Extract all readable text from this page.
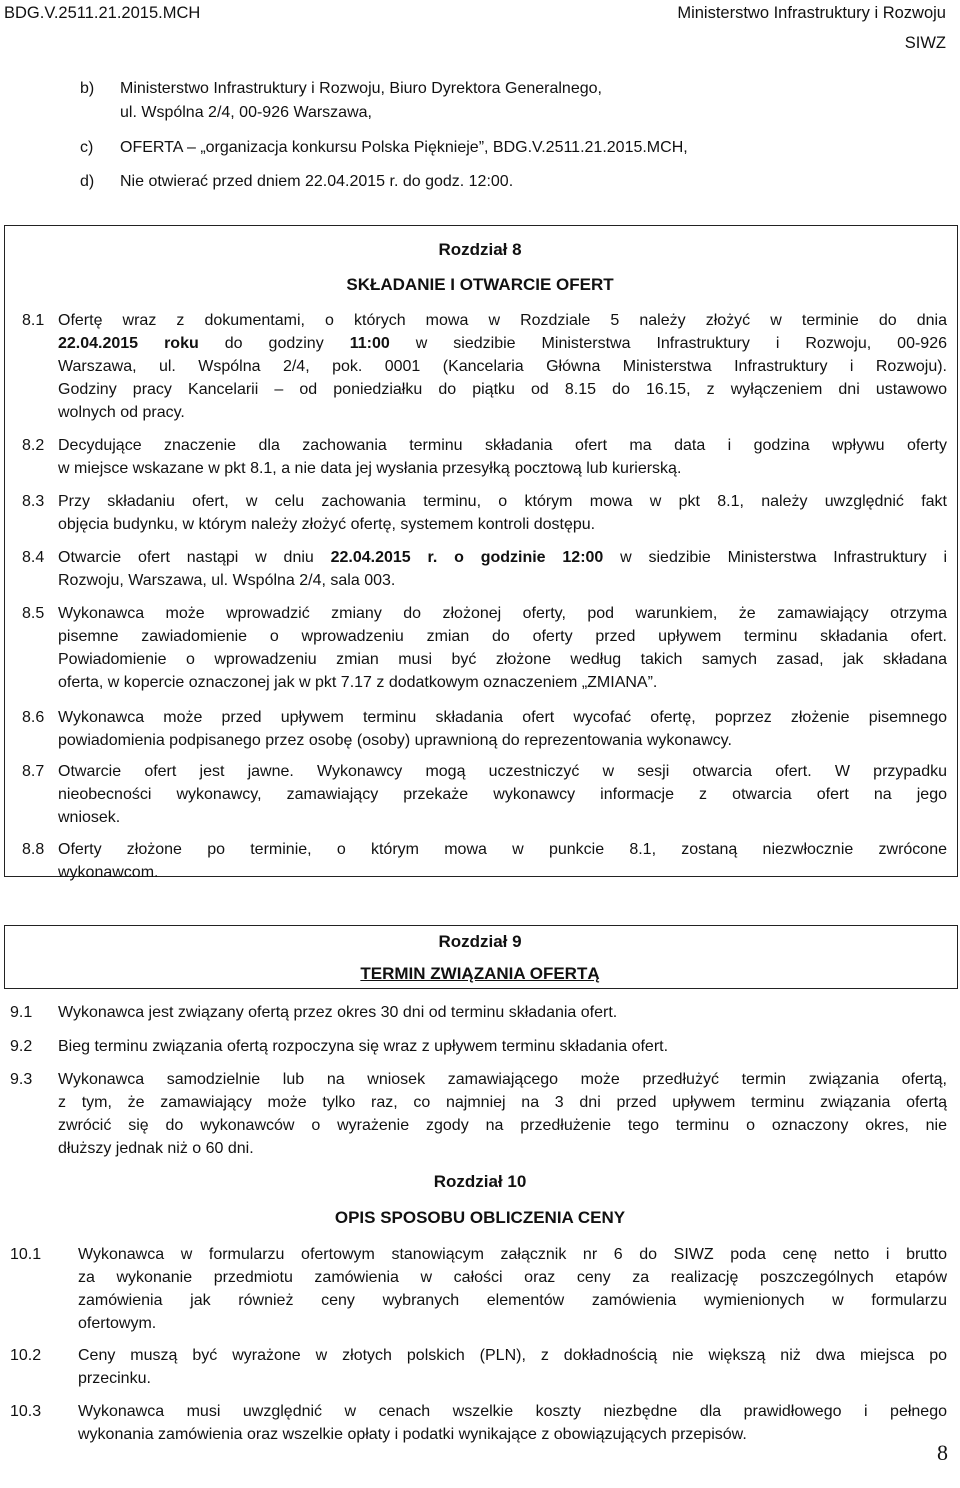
BDG.V.2511.21.2015.MCH	Ministerstwo Infrastruktury i Rozwoju
SIWZ
b) Ministerstwo Infrastruktury i Rozwoju, Biuro Dyrektora Generalnego,
ul. Wspólna 2/4, 00-926 Warszawa,
c) OFERTA – „organizacja konkursu Polska Pięknieje”, BDG.V.2511.21.2015.MCH,
d) Nie otwierać przed dniem 22.04.2015 r. do godz. 12:00.
Rozdział 8
SKŁADANIE I OTWARCIE OFERT
8.1 Ofertę wraz z dokumentami, o których mowa w Rozdziale 5 należy złożyć w terminie do dnia
22.04.2015 roku do godziny 11:00 w siedzibie Ministerstwa Infrastruktury i Rozwoju, 00-926
Warszawa, ul. Wspólna 2/4, pok. 0001 (Kancelaria Główna Ministerstwa Infrastruktury i Rozwoju).
Godziny pracy Kancelarii – od poniedziałku do piątku od 8.15 do 16.15, z wyłączeniem dni ustawowo
wolnych od pracy.
8.2 Decydujące znaczenie dla zachowania terminu składania ofert ma data i godzina wpływu oferty
w miejsce wskazane w pkt 8.1, a nie data jej wysłania przesyłką pocztową lub kurierską.
8.3 Przy składaniu ofert, w celu zachowania terminu, o którym mowa w pkt 8.1, należy uwzględnić fakt
objęcia budynku, w którym należy złożyć ofertę, systemem kontroli dostępu.
8.4 Otwarcie ofert nastąpi w dniu 22.04.2015 r. o godzinie 12:00 w siedzibie Ministerstwa Infrastruktury i
Rozwoju, Warszawa, ul. Wspólna 2/4, sala 003.
8.5 Wykonawca może wprowadzić zmiany do złożonej oferty, pod warunkiem, że zamawiający otrzyma
pisemne zawiadomienie o wprowadzeniu zmian do oferty przed upływem terminu składania ofert.
Powiadomienie o wprowadzeniu zmian musi być złożone według takich samych zasad, jak składana
oferta, w kopercie oznaczonej jak w pkt 7.17 z dodatkowym oznaczeniem „ZMIANA”.
8.6 Wykonawca może przed upływem terminu składania ofert wycofać ofertę, poprzez złożenie pisemnego
powiadomienia podpisanego przez osobę (osoby) uprawnioną do reprezentowania wykonawcy.
8.7 Otwarcie ofert jest jawne. Wykonawcy mogą uczestniczyć w sesji otwarcia ofert. W przypadku
nieobecności wykonawcy, zamawiający przekaże wykonawcy informacje z otwarcia ofert na jego
wniosek.
8.8 Oferty złożone po terminie, o którym mowa w punkcie 8.1, zostaną niezwłocznie zwrócone
wykonawcom.
Rozdział 9
TERMIN ZWIĄZANIA OFERTĄ
9.1 Wykonawca jest związany ofertą przez okres 30 dni od terminu składania ofert.
9.2 Bieg terminu związania ofertą rozpoczyna się wraz z upływem terminu składania ofert.
9.3 Wykonawca samodzielnie lub na wniosek zamawiającego może przedłużyć termin związania ofertą,
z tym, że zamawiający może tylko raz, co najmniej na 3 dni przed upływem terminu związania ofertą
zwrócić się do wykonawców o wyrażenie zgody na przedłużenie tego terminu o oznaczony okres, nie
dłuższy jednak niż o 60 dni.
Rozdział 10
OPIS SPOSOBU OBLICZENIA CENY
10.1 Wykonawca w formularzu ofertowym stanowiącym załącznik nr 6 do SIWZ poda cenę netto i brutto
za wykonanie przedmiotu zamówienia w całości oraz ceny za realizację poszczególnych etapów
zamówienia jak również ceny wybranych elementów zamówienia wymienionych w formularzu
ofertowym.
10.2 Ceny muszą być wyrażone w złotych polskich (PLN), z dokładnością nie większą niż dwa miejsca po
przecinku.
10.3 Wykonawca musi uwzględnić w cenach wszelkie koszty niezbędne dla prawidłowego i pełnego
wykonania zamówienia oraz wszelkie opłaty i podatki wynikające z obowiązujących przepisów.
8
